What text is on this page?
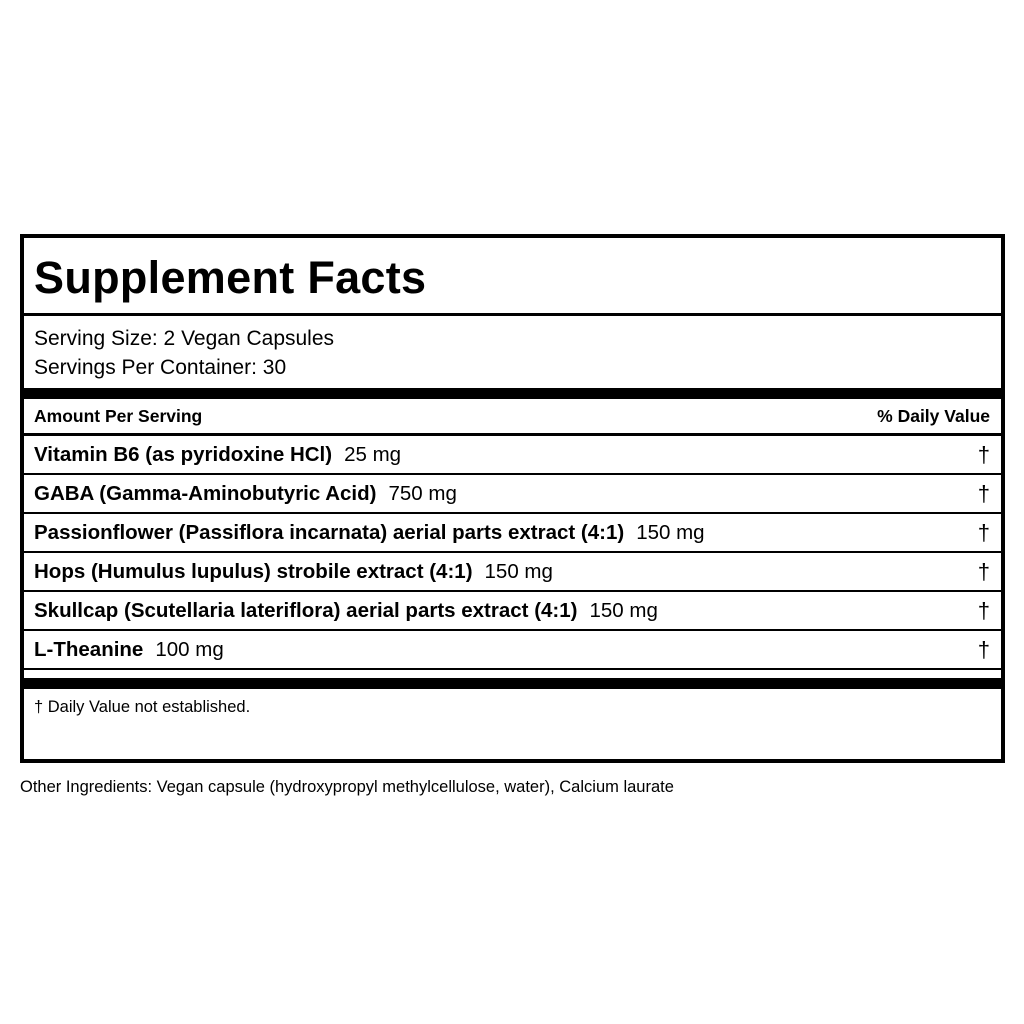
Supplement Facts
Serving Size: 2 Vegan Capsules
Servings Per Container: 30
Amount Per Serving	% Daily Value
Vitamin B6 (as pyridoxine HCl) 25 mg	†
GABA (Gamma-Aminobutyric Acid) 750 mg	†
Passionflower (Passiflora incarnata) aerial parts extract (4:1) 150 mg	†
Hops (Humulus lupulus) strobile extract (4:1) 150 mg	†
Skullcap (Scutellaria lateriflora) aerial parts extract (4:1) 150 mg	†
L-Theanine 100 mg	†
† Daily Value not established.
Other Ingredients: Vegan capsule (hydroxypropyl methylcellulose, water), Calcium laurate
